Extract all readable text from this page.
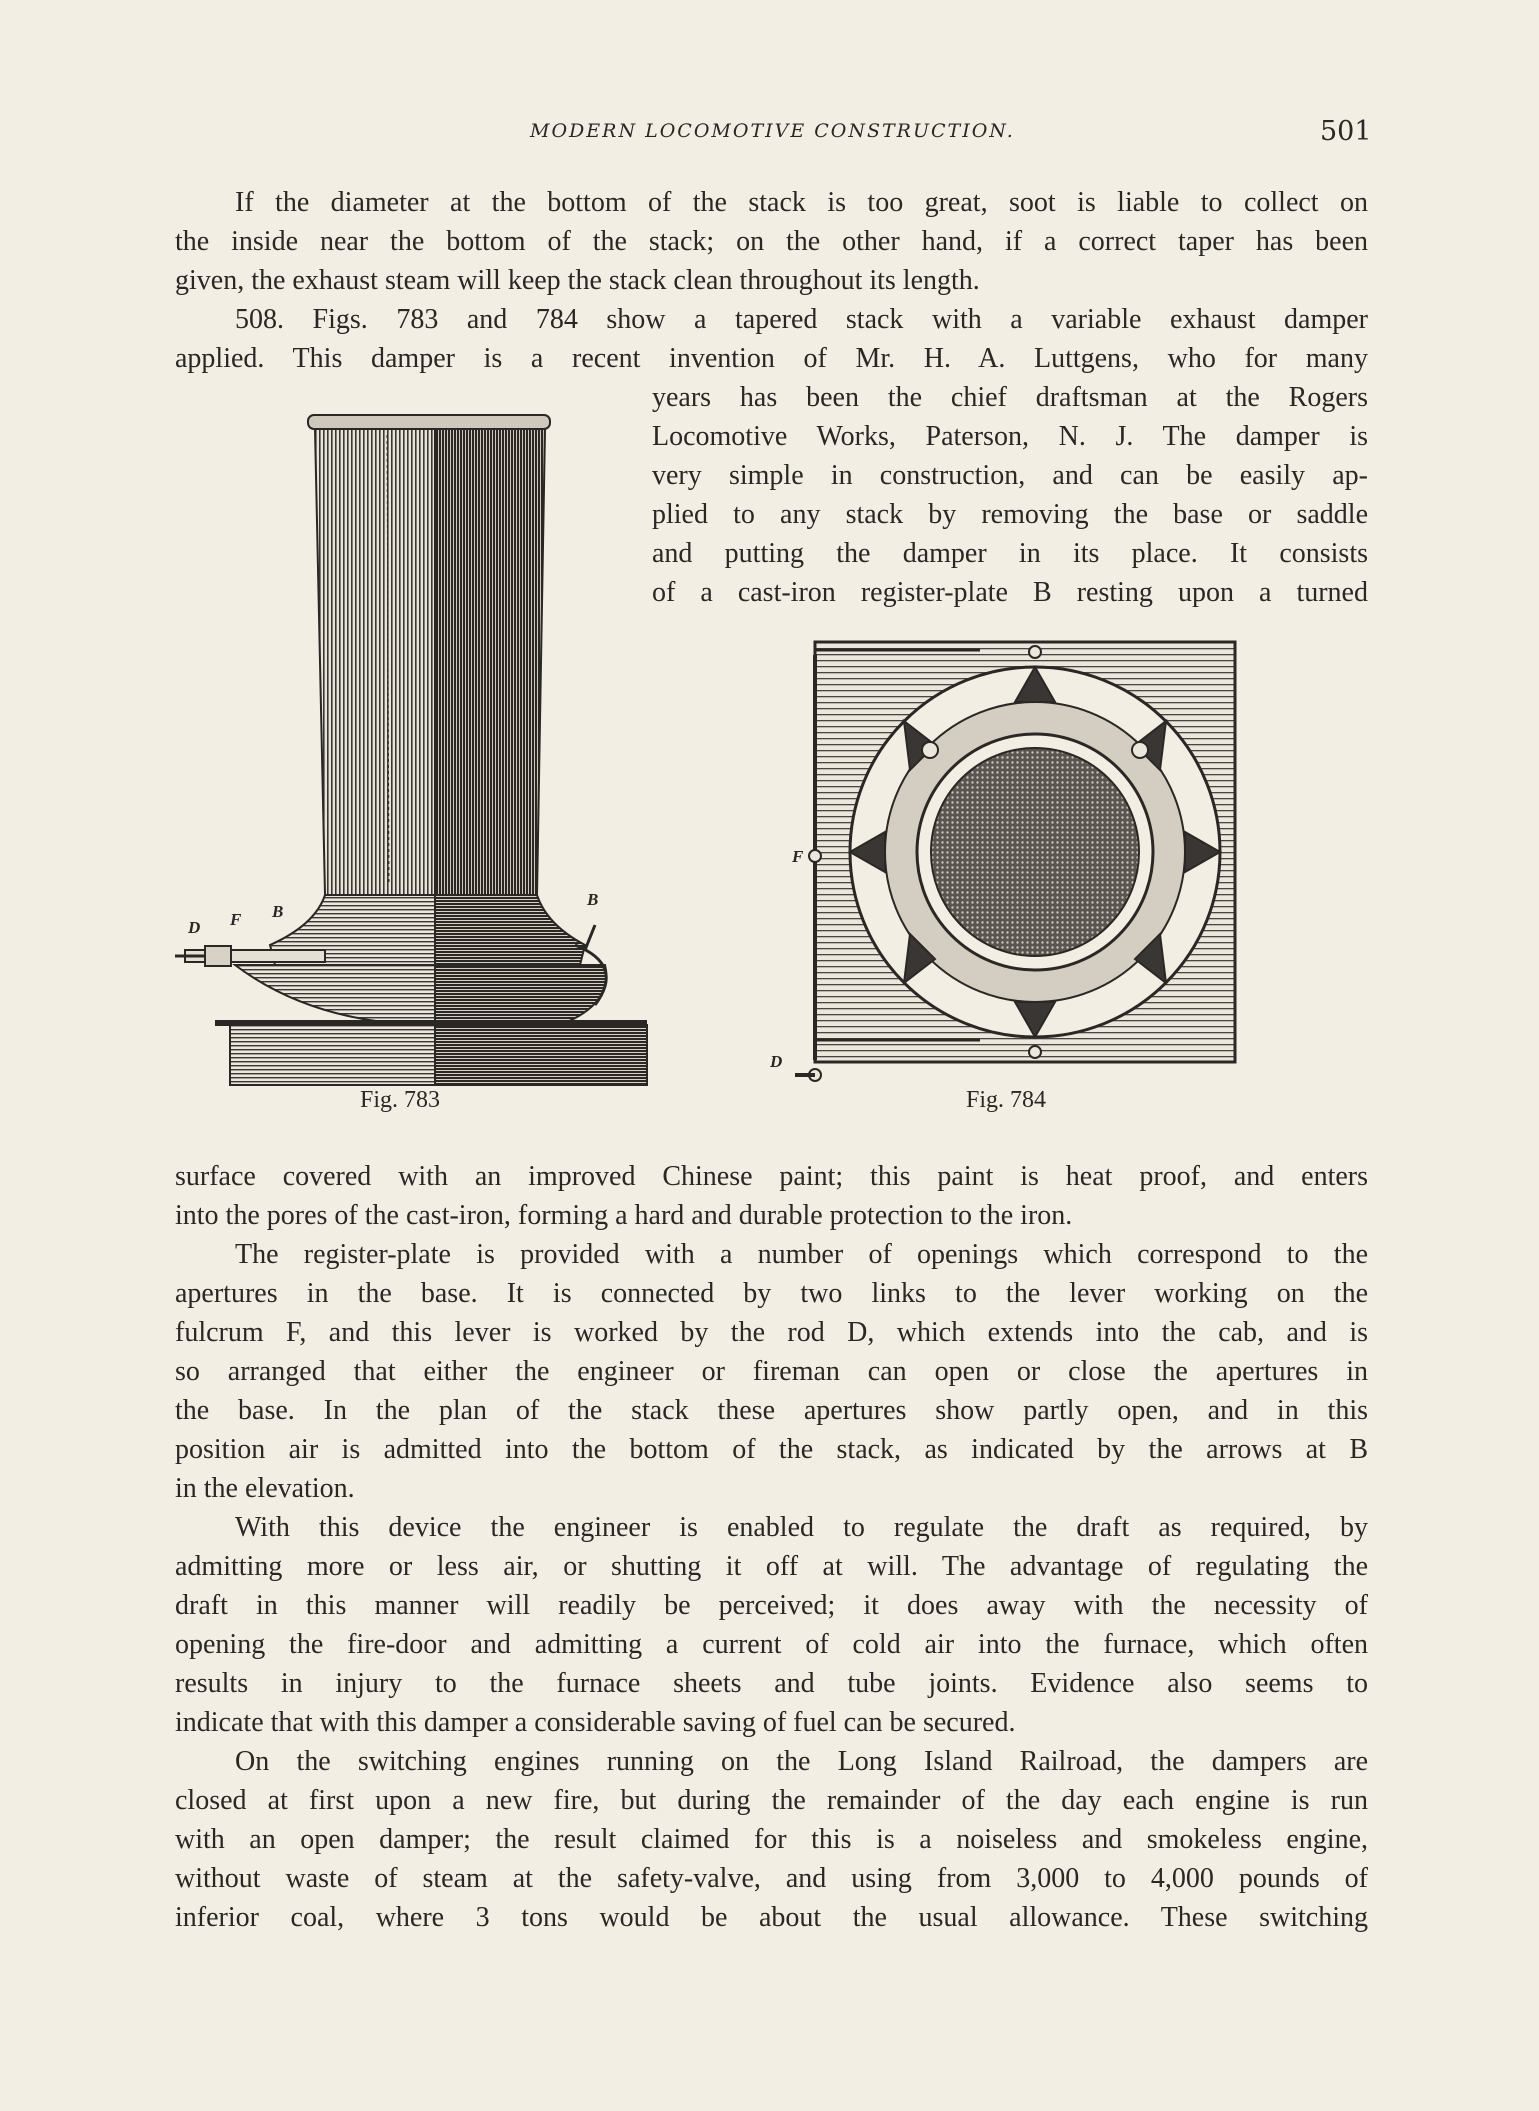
MODERN LOCOMOTIVE CONSTRUCTION.	501

If the diameter at the bottom of the stack is too great, soot is liable to collect on

the inside near the bottom of the stack; on the other hand, if a correct taper has been

given, the exhaust steam will keep the stack clean throughout its length.

508. Figs. 783 and 784 show a tapered stack with a variable exhaust damper

applied. This damper is a recent invention of Mr. H. A. Luttgens, who for many

years has been the chief draftsman at the Rogers

Locomotive Works, Paterson, N. J. The damper is

very simple in construction, and can be easily ap-

plied to any stack by removing the base or saddle

and putting the damper in its place. It consists

of a cast-iron register-plate B resting upon a turned

D F B
B
F
D
Fig. 783	Fig. 784

surface covered with an improved Chinese paint; this paint is heat proof, and enters

into the pores of the cast-iron, forming a hard and durable protection to the iron.

The register-plate is provided with a number of openings which correspond to the

apertures in the base. It is connected by two links to the lever working on the

fulcrum F, and this lever is worked by the rod D, which extends into the cab, and is

so arranged that either the engineer or fireman can open or close the apertures in

the base. In the plan of the stack these apertures show partly open, and in this

position air is admitted into the bottom of the stack, as indicated by the arrows at B

in the elevation.

With this device the engineer is enabled to regulate the draft as required, by

admitting more or less air, or shutting it off at will. The advantage of regulating the

draft in this manner will readily be perceived; it does away with the necessity of

opening the fire-door and admitting a current of cold air into the furnace, which often

results in injury to the furnace sheets and tube joints. Evidence also seems to

indicate that with this damper a considerable saving of fuel can be secured.

On the switching engines running on the Long Island Railroad, the dampers are

closed at first upon a new fire, but during the remainder of the day each engine is run

with an open damper; the result claimed for this is a noiseless and smokeless engine,

without waste of steam at the safety-valve, and using from 3,000 to 4,000 pounds of

inferior coal, where 3 tons would be about the usual allowance. These switching
